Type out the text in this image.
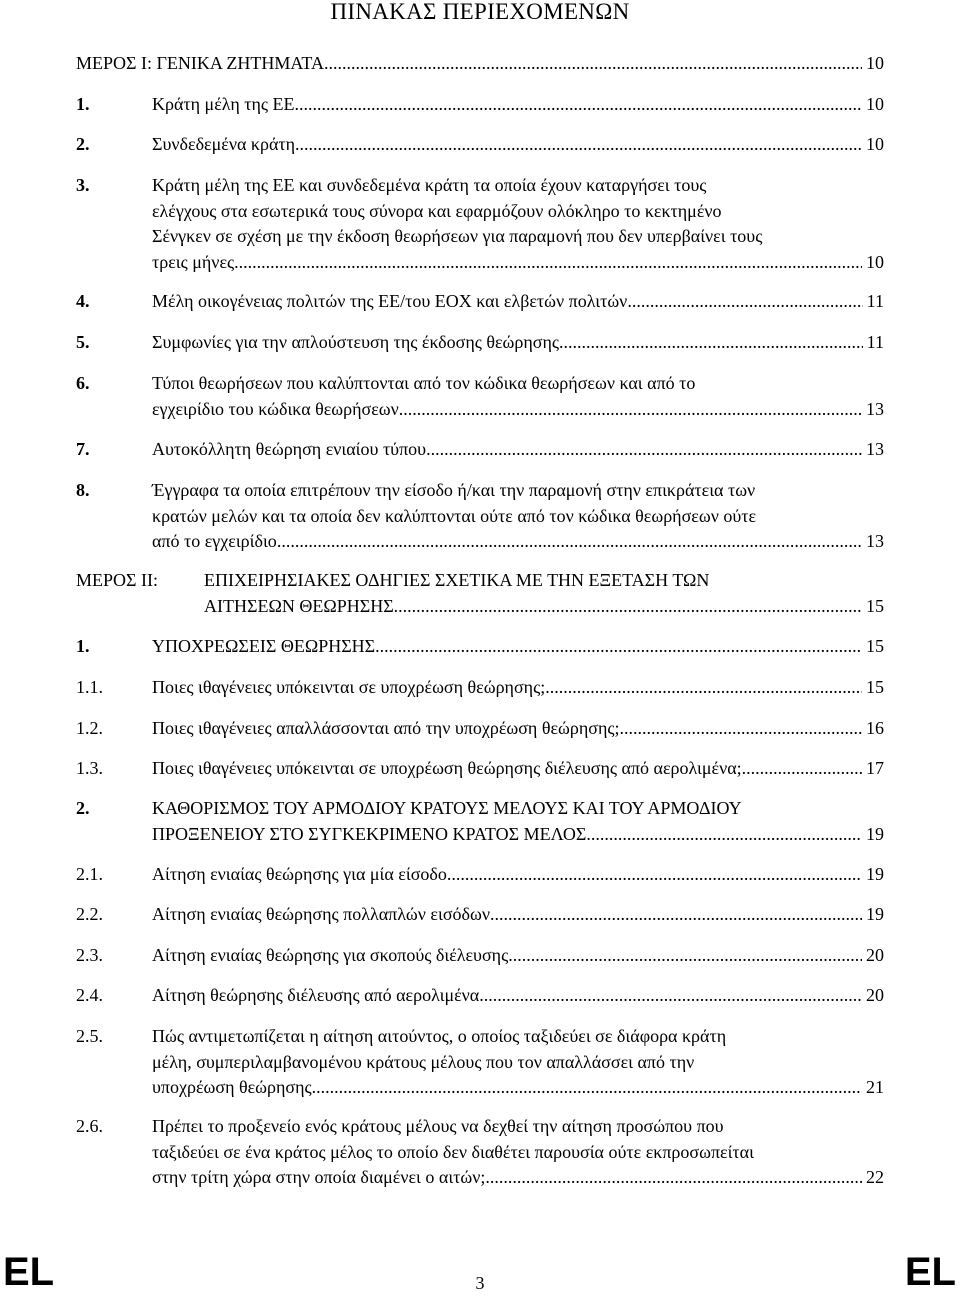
ΠΙΝΑΚΑΣ ΠΕΡΙΕΧΟΜΕΝΩΝ
ΜΕΡΟΣ Ι: ΓΕΝΙΚΑ ΖΗΤΗΜΑΤΑ .....	10
1.	Κράτη μέλη της ΕΕ .....	10
2.	Συνδεδεμένα κράτη .....	10
3.	Κράτη μέλη της ΕΕ και συνδεδεμένα κράτη τα οποία έχουν καταργήσει τους
ελέγχους στα εσωτερικά τους σύνορα και εφαρμόζουν ολόκληρο το κεκτημένο
Σένγκεν σε σχέση με την έκδοση θεωρήσεων για παραμονή που δεν υπερβαίνει τους
τρεις μήνες .....	10
4.	Μέλη οικογένειας πολιτών της ΕΕ/του ΕΟΧ και ελβετών πολιτών .....	11
5.	Συμφωνίες για την απλούστευση της έκδοσης θεώρησης .....	11
6.	Τύποι θεωρήσεων που καλύπτονται από τον κώδικα θεωρήσεων και από το
εγχειρίδιο του κώδικα θεωρήσεων .....	13
7.	Αυτοκόλλητη θεώρηση ενιαίου τύπου .....	13
8.	Έγγραφα τα οποία επιτρέπουν την είσοδο ή/και την παραμονή στην επικράτεια των
κρατών μελών και τα οποία δεν καλύπτονται ούτε από τον κώδικα θεωρήσεων ούτε
από το εγχειρίδιο .....	13
ΜΕΡΟΣ ΙΙ:	ΕΠΙΧΕΙΡΗΣΙΑΚΕΣ ΟΔΗΓΙΕΣ ΣΧΕΤΙΚΑ ΜΕ ΤΗΝ ΕΞΕΤΑΣΗ ΤΩΝ
ΑΙΤΗΣΕΩΝ ΘΕΩΡΗΣΗΣ .....	15
1.	ΥΠΟΧΡΕΩΣΕΙΣ ΘΕΩΡΗΣΗΣ .....	15
1.1.	Ποιες ιθαγένειες υπόκεινται σε υποχρέωση θεώρησης; .....	15
1.2.	Ποιες ιθαγένειες απαλλάσσονται από την υποχρέωση θεώρησης; .....	16
1.3.	Ποιες ιθαγένειες υπόκεινται σε υποχρέωση θεώρησης διέλευσης από αερολιμένα; .....	17
2.	ΚΑΘΟΡΙΣΜΟΣ ΤΟΥ ΑΡΜΟΔΙΟΥ ΚΡΑΤΟΥΣ ΜΕΛΟΥΣ ΚΑΙ ΤΟΥ ΑΡΜΟΔΙΟΥ
ΠΡΟΞΕΝΕΙΟΥ ΣΤΟ ΣΥΓΚΕΚΡΙΜΕΝΟ ΚΡΑΤΟΣ ΜΕΛΟΣ .....	19
2.1.	Αίτηση ενιαίας θεώρησης για μία είσοδο .....	19
2.2.	Αίτηση ενιαίας θεώρησης πολλαπλών εισόδων .....	19
2.3.	Αίτηση ενιαίας θεώρησης για σκοπούς διέλευσης .....	20
2.4.	Αίτηση θεώρησης διέλευσης από αερολιμένα .....	20
2.5.	Πώς αντιμετωπίζεται η αίτηση αιτούντος, ο οποίος ταξιδεύει σε διάφορα κράτη
μέλη, συμπεριλαμβανομένου κράτους μέλους που τον απαλλάσσει από την
υποχρέωση θεώρησης .....	21
2.6.	Πρέπει το προξενείο ενός κράτους μέλους να δεχθεί την αίτηση προσώπου που
ταξιδεύει σε ένα κράτος μέλος το οποίο δεν διαθέτει παρουσία ούτε εκπροσωπείται
στην τρίτη χώρα στην οποία διαμένει ο αιτών; .....	22
EL	3	EL
